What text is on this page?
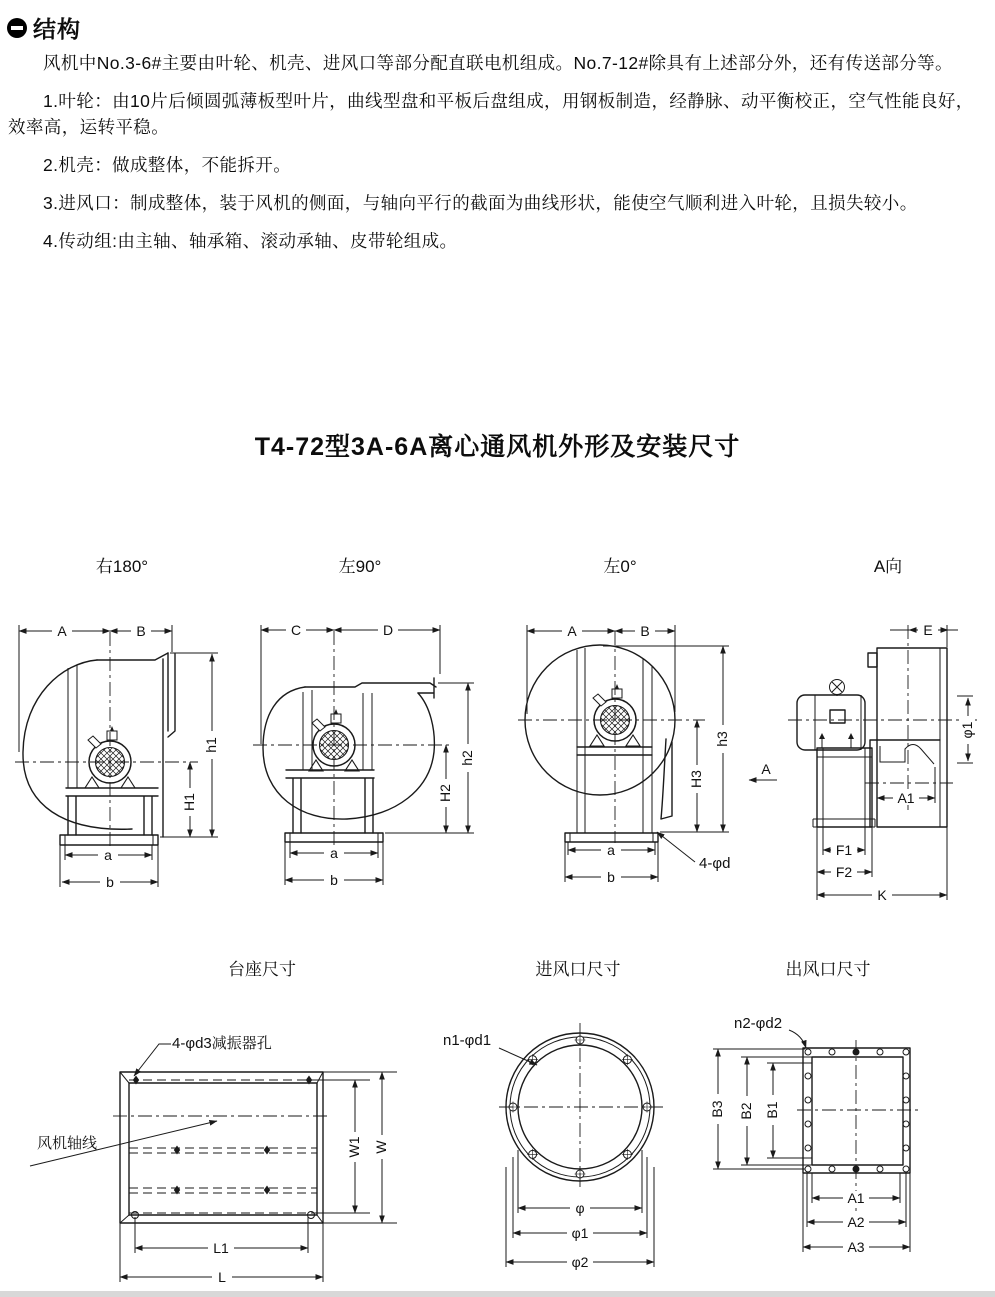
结构

风机中No.3-6#主要由叶轮、机壳、进风口等部分配直联电机组成。No.7-12#除具有上述部分外，还有传送部分等。

1.叶轮：由10片后倾圆弧薄板型叶片，曲线型盘和平板后盘组成，用钢板制造，经静脉、动平衡校正，空气性能良好，效率高，运转平稳。

2.机壳：做成整体，不能拆开。

3.进风口：制成整体，装于风机的侧面，与轴向平行的截面为曲线形状，能使空气顺利进入叶轮，且损失较小。

4.传动组:由主轴、轴承箱、滚动承轴、皮带轮组成。

T4-72型3A-6A离心通风机外形及安装尺寸
右180°	左90°	左0°	A向
A	B
h1
H1
a
b
C	D
h2
H2
a
b
A	B
h3
H3
a
b
4-φd
A
E
φ1
A1
F1
F2
K
台座尺寸	进风口尺寸	出风口尺寸
4-φd3减振器孔
风机轴线	W1 W
L1
L
n1-φd1
φ
φ1
φ2
n2-φd2
B3 B2 B1
A1
A2
A3
